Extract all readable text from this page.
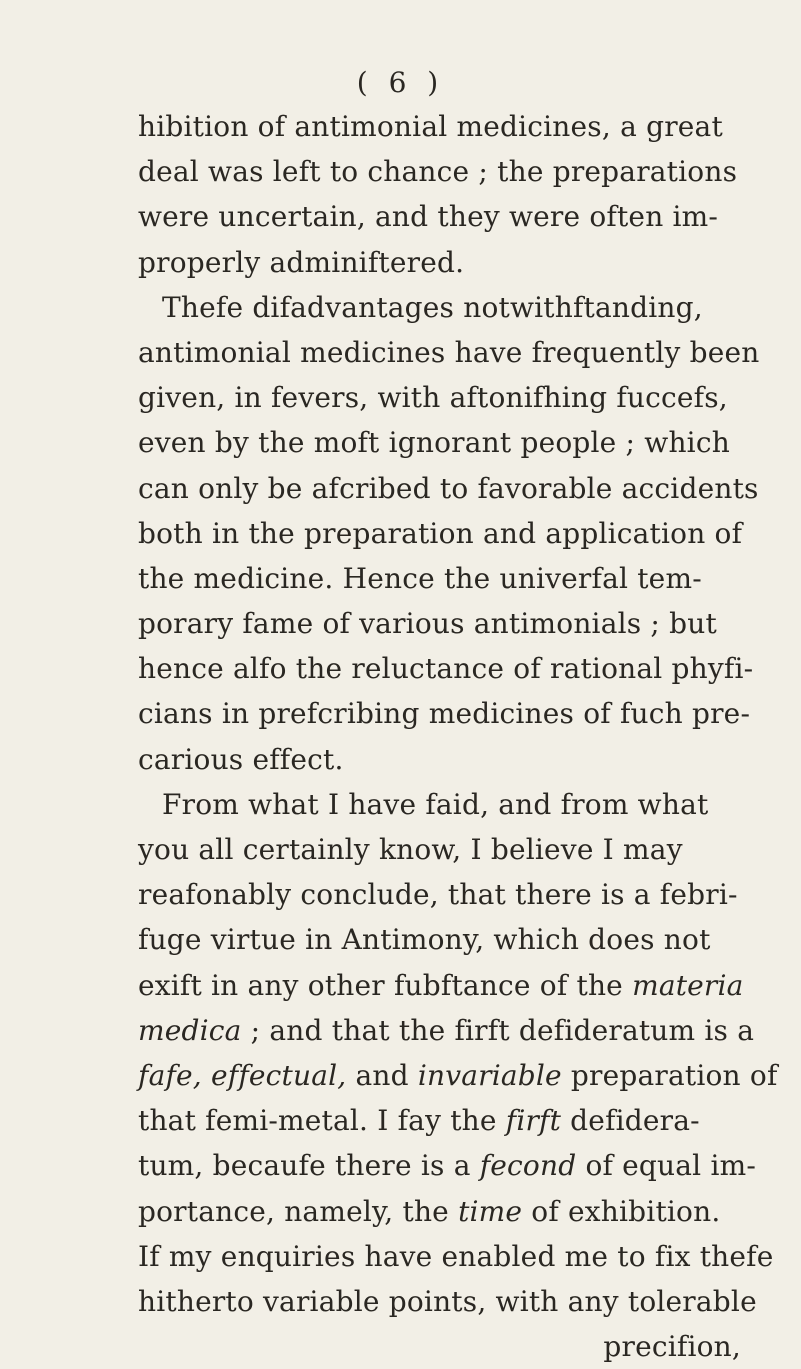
( 6 )
hibition of antimonial medicines, a great
deal was left to chance ; the preparations
were uncertain, and they were often im-
properly adminiftered.
Thefe difadvantages notwithftanding,
antimonial medicines have frequently been
given, in fevers, with aftonifhing fuccefs,
even by the moft ignorant people ; which
can only be afcribed to favorable accidents
both in the preparation and application of
the medicine. Hence the univerfal tem-
porary fame of various antimonials ; but
hence alfo the reluctance of rational phyfi-
cians in prefcribing medicines of fuch pre-
carious effect.
From what I have faid, and from what
you all certainly know, I believe I may
reafonably conclude, that there is a febri-
fuge virtue in Antimony, which does not
exift in any other fubftance of the materia
medica ; and that the firft defideratum is a
fafe, effectual, and invariable preparation of
that femi-metal. I fay the firft defidera-
tum, becaufe there is a fecond of equal im-
portance, namely, the time of exhibition.
If my enquiries have enabled me to fix thefe
hitherto variable points, with any tolerable
precifion,
